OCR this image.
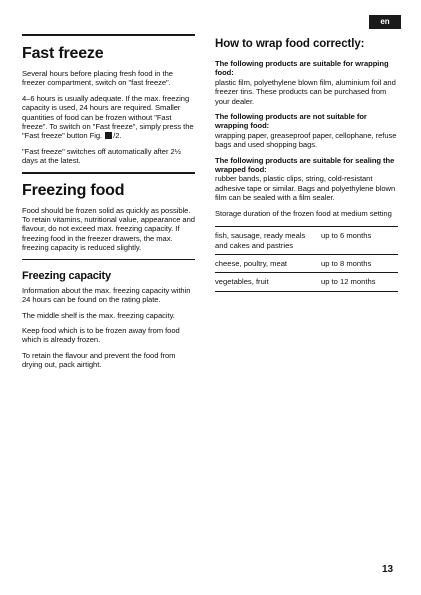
en
Fast freeze

Several hours before placing fresh food in the freezer compartment, switch on "fast freeze".

4–6 hours is usually adequate. If the max. freezing capacity is used, 24 hours are required. Smaller quantities of food can be frozen without "Fast freeze". To switch on "Fast freeze", simply press the "Fast freeze" button Fig. /2.

"Fast freeze" switches off automatically after 2½ days at the latest.

Freezing food

Food should be frozen solid as quickly as possible. To retain vitamins, nutritional value, appearance and flavour, do not exceed max. freezing capacity. If freezing food in the freezer drawers, the max. freezing capacity is reduced slightly.

Freezing capacity

Information about the max. freezing capacity within 24 hours can be found on the rating plate.

The middle shelf is the max. freezing capacity.

Keep food which is to be frozen away from food which is already frozen.

To retain the flavour and prevent the food from drying out, pack airtight.

How to wrap food correctly:

The following products are suitable for wrapping food:

plastic film, polyethylene blown film, aluminium foil and freezer tins. These products can be purchased from your dealer.

The following products are not suitable for wrapping food:

wrapping paper, greaseproof paper, cellophane, refuse bags and used shopping bags.

The following products are suitable for sealing the wrapped food:

rubber bands, plastic clips, string, cold-resistant adhesive tape or similar. Bags and polyethylene blown film can be sealed with a film sealer.

Storage duration of the frozen food at medium setting

fish, sausage, ready meals and cakes and pastries	up to 6 months
cheese, poultry, meat	up to 8 months
vegetables, fruit	up to 12 months
13
